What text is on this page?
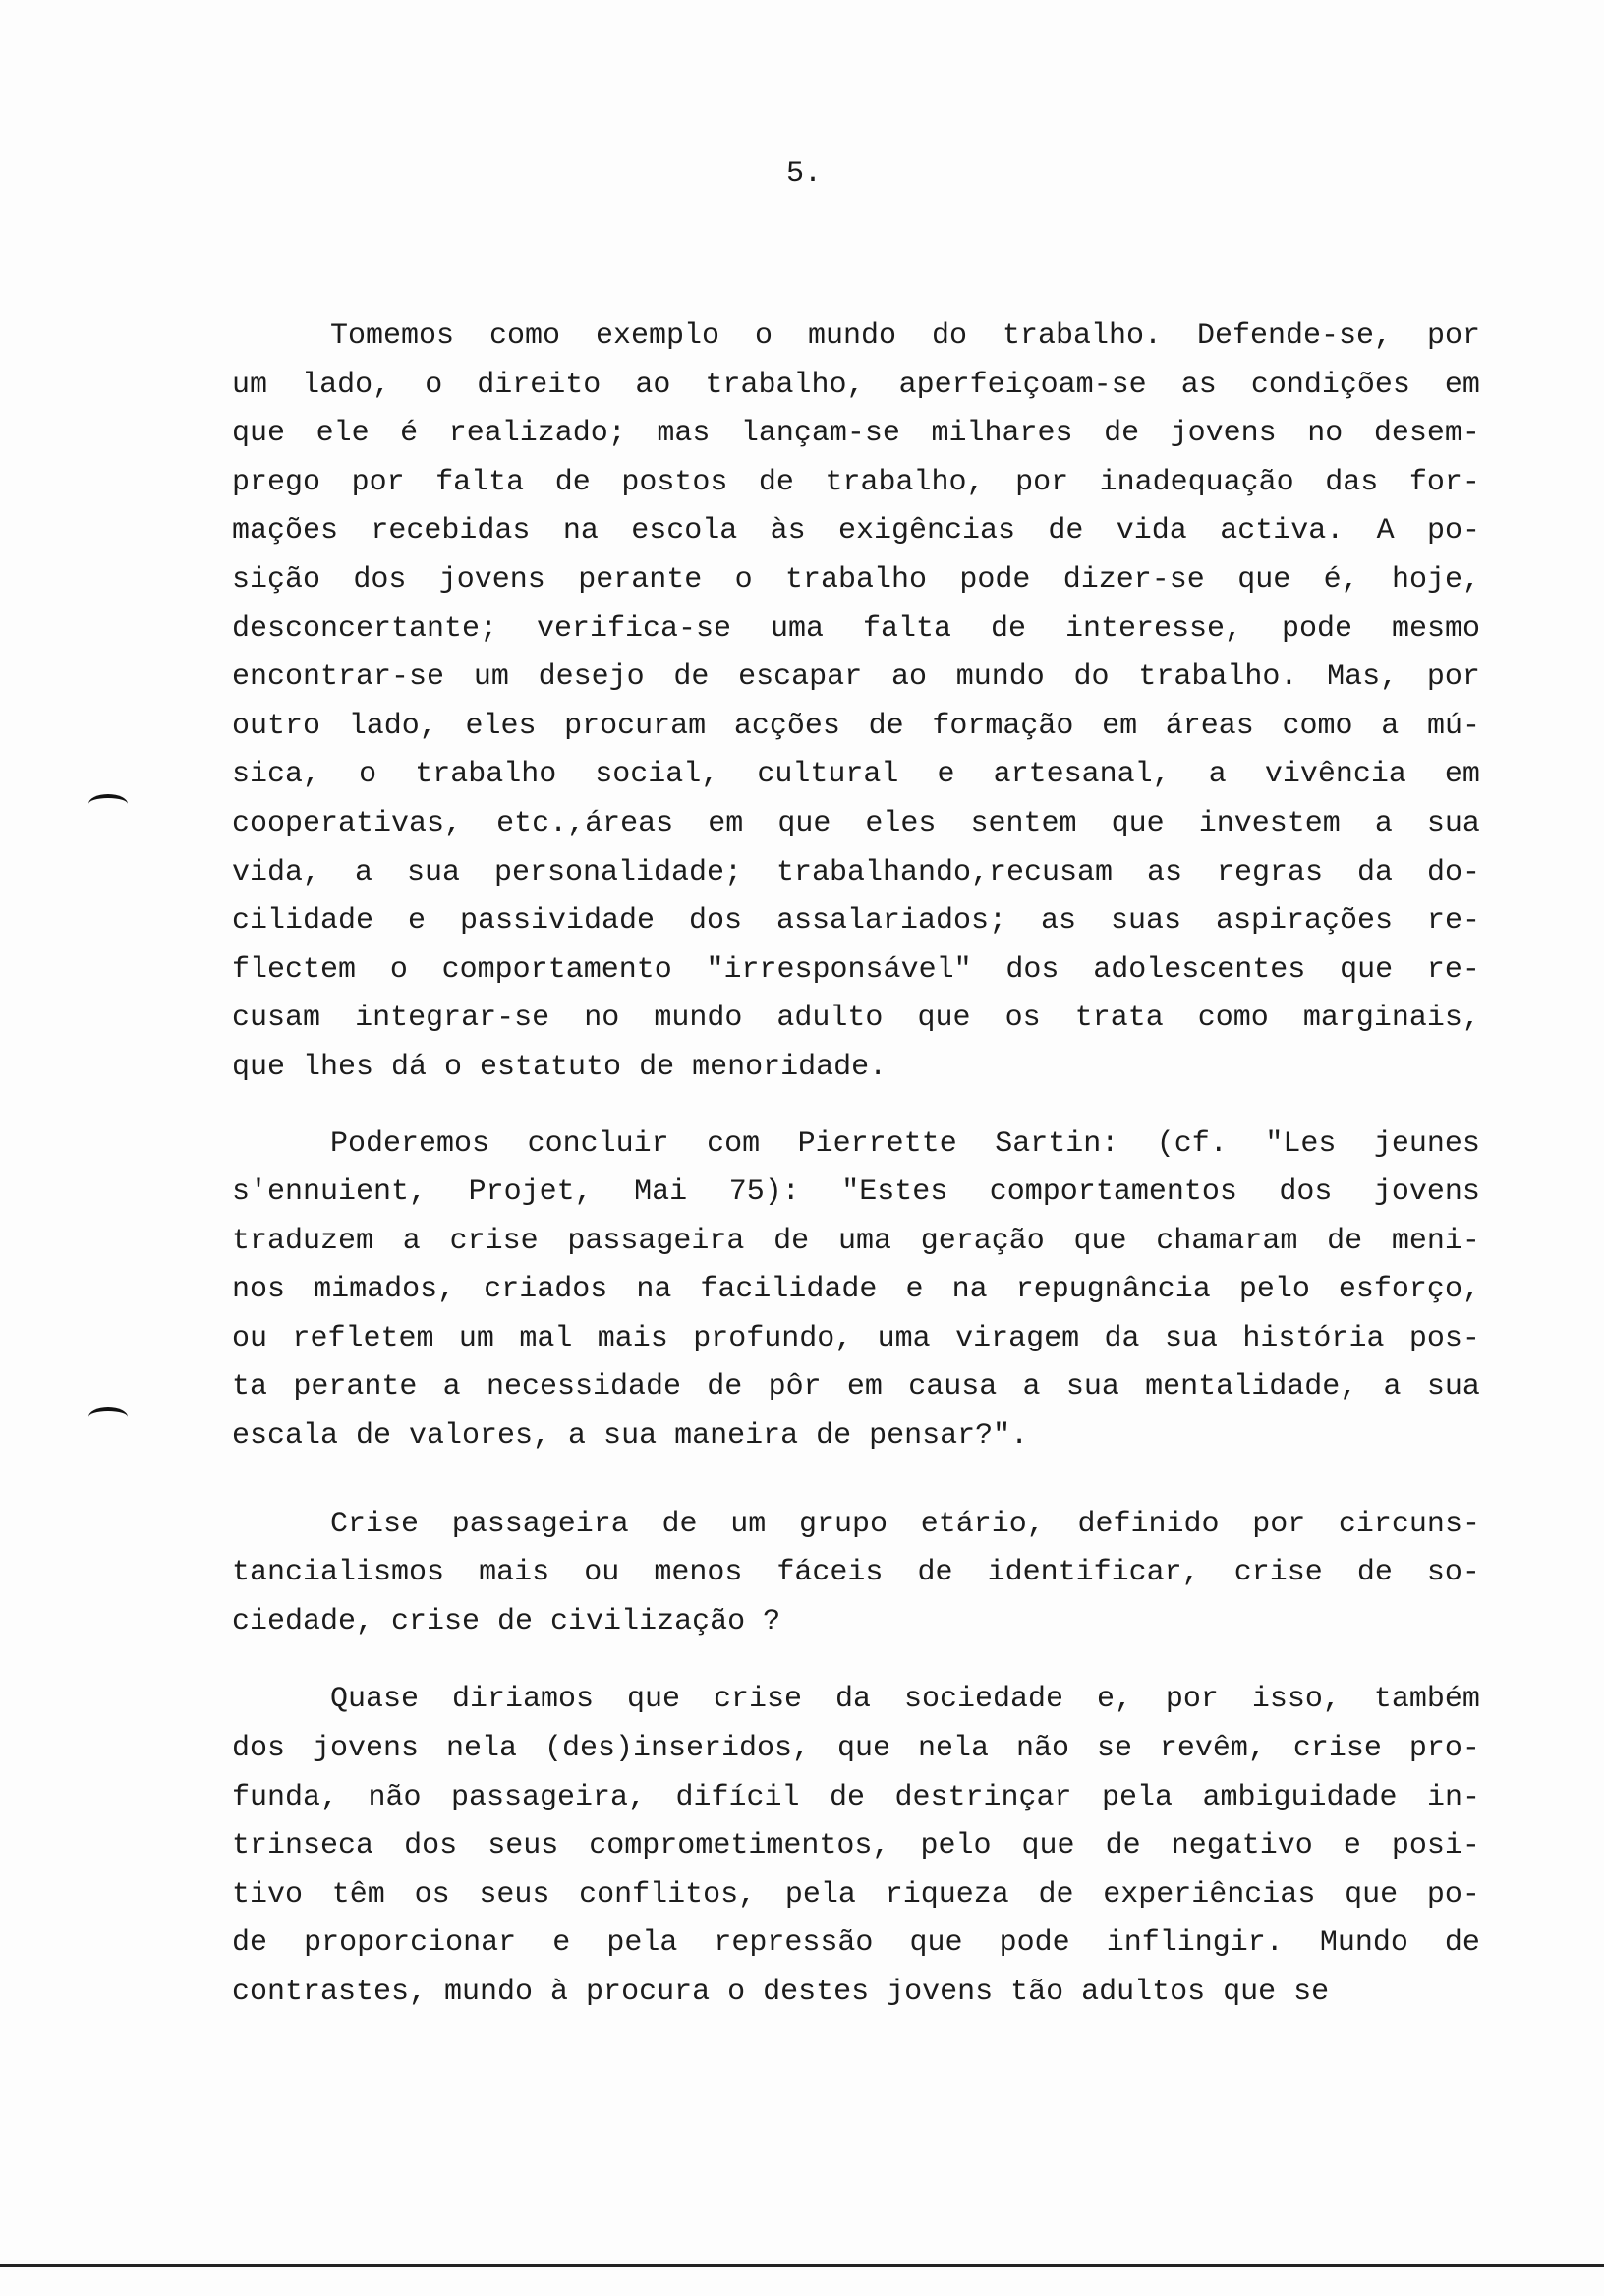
5.
Tomemos como exemplo o mundo do trabalho. Defende-se, por
um lado, o direito ao trabalho, aperfeiçoam-se as condições em
que ele é realizado; mas lançam-se milhares de jovens no desem-
prego por falta de postos de trabalho, por inadequação das for-
mações recebidas na escola às exigências de vida activa. A po-
sição dos jovens perante o trabalho pode dizer-se que é, hoje,
desconcertante; verifica-se uma falta de interesse, pode mesmo
encontrar-se um desejo de escapar ao mundo do trabalho. Mas, por
outro lado, eles procuram acções de formação em áreas como a mú-
sica, o trabalho social, cultural e artesanal, a vivência em
cooperativas, etc.,áreas em que eles sentem que investem a sua
vida, a sua personalidade; trabalhando,recusam as regras da do-
cilidade e passividade dos assalariados; as suas aspirações re-
flectem o comportamento "irresponsável" dos adolescentes que re-
cusam integrar-se no mundo adulto que os trata como marginais,
que lhes dá o estatuto de menoridade.
Poderemos concluir com Pierrette Sartin: (cf. "Les jeunes
s'ennuient, Projet, Mai 75): "Estes comportamentos dos jovens
traduzem a crise passageira de uma geração que chamaram de meni-
nos mimados, criados na facilidade e na repugnância pelo esforço,
ou refletem um mal mais profundo, uma viragem da sua história pos-
ta perante a necessidade de pôr em causa a sua mentalidade, a sua
escala de valores, a sua maneira de pensar?".
Crise passageira de um grupo etário, definido por circuns-
tancialismos mais ou menos fáceis de identificar, crise de so-
ciedade, crise de civilização ?
Quase diriamos que crise da sociedade e, por isso, também
dos jovens nela (des)inseridos, que nela não se revêm, crise pro-
funda, não passageira, difícil de destrinçar pela ambiguidade in-
trinseca dos seus comprometimentos, pelo que de negativo e posi-
tivo têm os seus conflitos, pela riqueza de experiências que po-
de proporcionar e pela repressão que pode inflingir. Mundo de
contrastes, mundo à procura o destes jovens tão adultos que se
